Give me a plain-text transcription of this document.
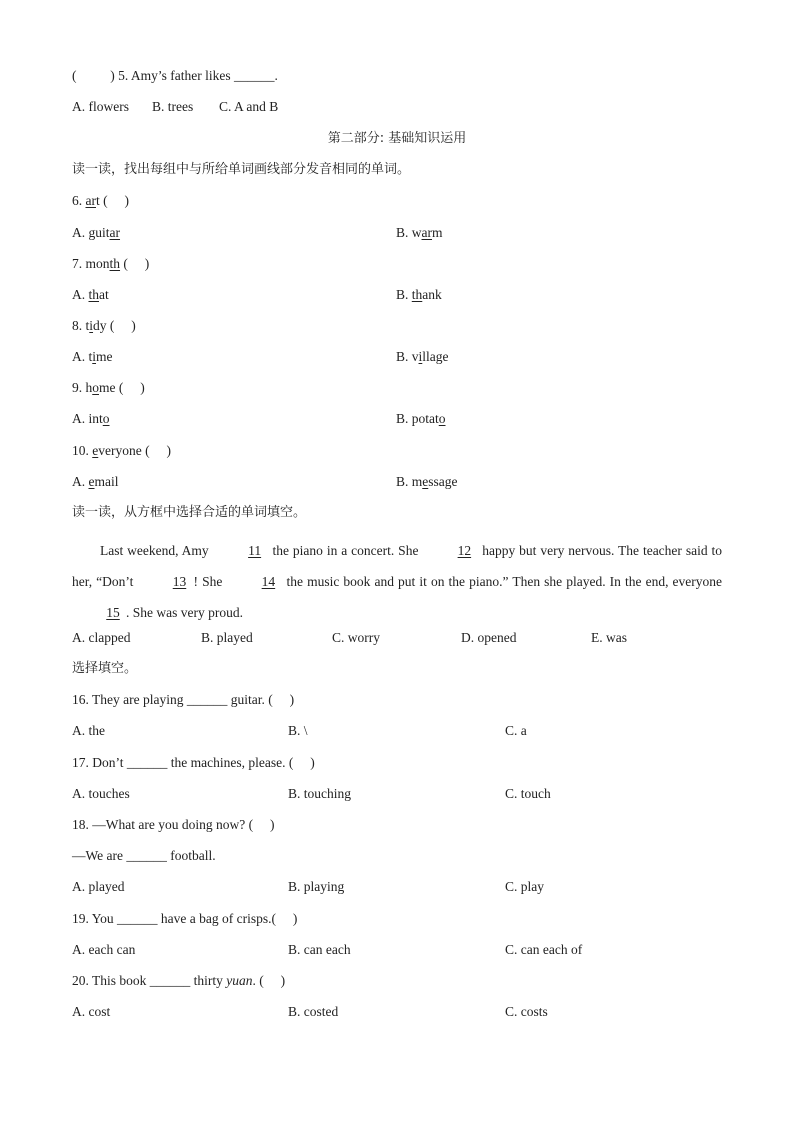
(          ) 5. Amy’s father likes ______.
A. flowers B. trees C. A and B
第二部分: 基础知识运用
读一读，找出每组中与所给单词画线部分发音相同的单词。
6. art (     )
A. guitar	B. warm
7. month (     )
A. that	B. thank
8. tidy (     )
A. time	B. village
9. home (     )
A. into	B. potato
10. everyone (     )
A. email	B. message
读一读，从方框中选择合适的单词填空。
Last weekend, Amy	11 the piano in a concert. She	12 happy but very nervous. The teacher said to her, “Don’t	13 ! She	14 the music book and put it on the piano.” Then she played. In the end, everyone 15 . She was very proud.
A. clapped	B. played	C. worry	D. opened	E. was
选择填空。
16. They are playing ______ guitar. (     )
A. the	B. \	C. a
17. Don’t ______ the machines, please. (     )
A. touches	B. touching	C. touch
18. —What are you doing now? (     )
—We are ______ football.
A. played	B. playing	C. play
19. You ______ have a bag of crisps.(     )
A. each can	B. can each	C. can each of
20. This book ______ thirty yuan. (     )
A. cost	B. costed	C. costs
